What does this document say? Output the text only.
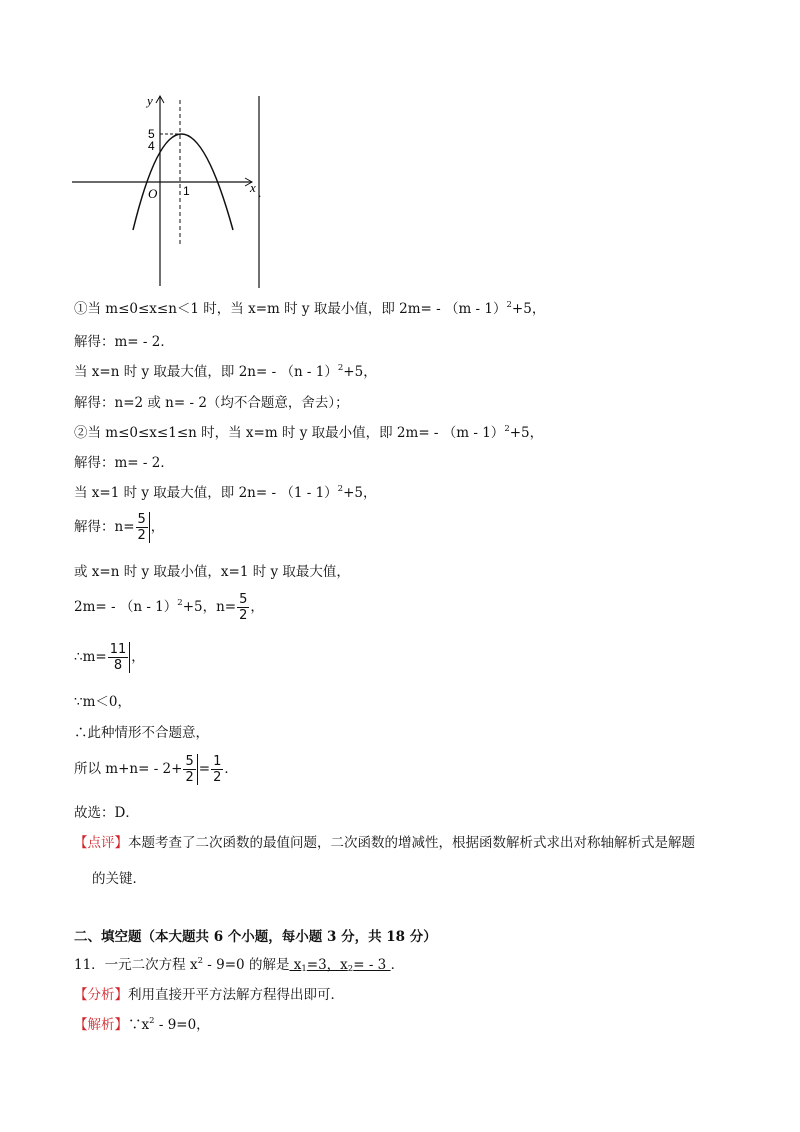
y
x
5
4
O 1	.
①当 m≤0≤x≤n＜1 时，当 x=m 时 y 取最小值，即 2m= - （m - 1）$^2$+5，
解得：m= - 2．
当 x=n 时 y 取最大值，即 2n= - （n - 1）$^2$+5，
解得：n=2 或 n= - 2（均不合题意，舍去）；
②当 m≤0≤x≤1≤n 时，当 x=m 时 y 取最小值，即 2m= - （m - 1）$^2$+5，
解得：m= - 2．
当 x=1 时 y 取最大值，即 2n= - （1 - 1）$^2$+5，
解得：$n= \frac{5}{2}$ ，
或 x=n 时 y 取最小值，x=1 时 y 取最大值，
2m= - （n - 1）$^2$+5，$n= \frac{5}{2}$ ，
∴m= $\frac{11}{8}$ ，
∵m＜0，
∴此种情形不合题意，
所以 $m+n= - 2+ \frac{5}{2} = \frac{1}{2}$ ．
故选：D．
【点评】本题考查了二次函数的最值问题，二次函数的增减性，根据函数解析式求出对称轴解析式是解题
的关键．
二、填空题（本大题共 6 个小题，每小题 3 分，共 18 分）
11．一元二次方程 $x^2 - 9=0$ 的解是 $x_1=3$，$x_2= - 3$ ．
【分析】利用直接开平方法解方程得出即可．
【解析】$\because x^2 - 9=0$，
